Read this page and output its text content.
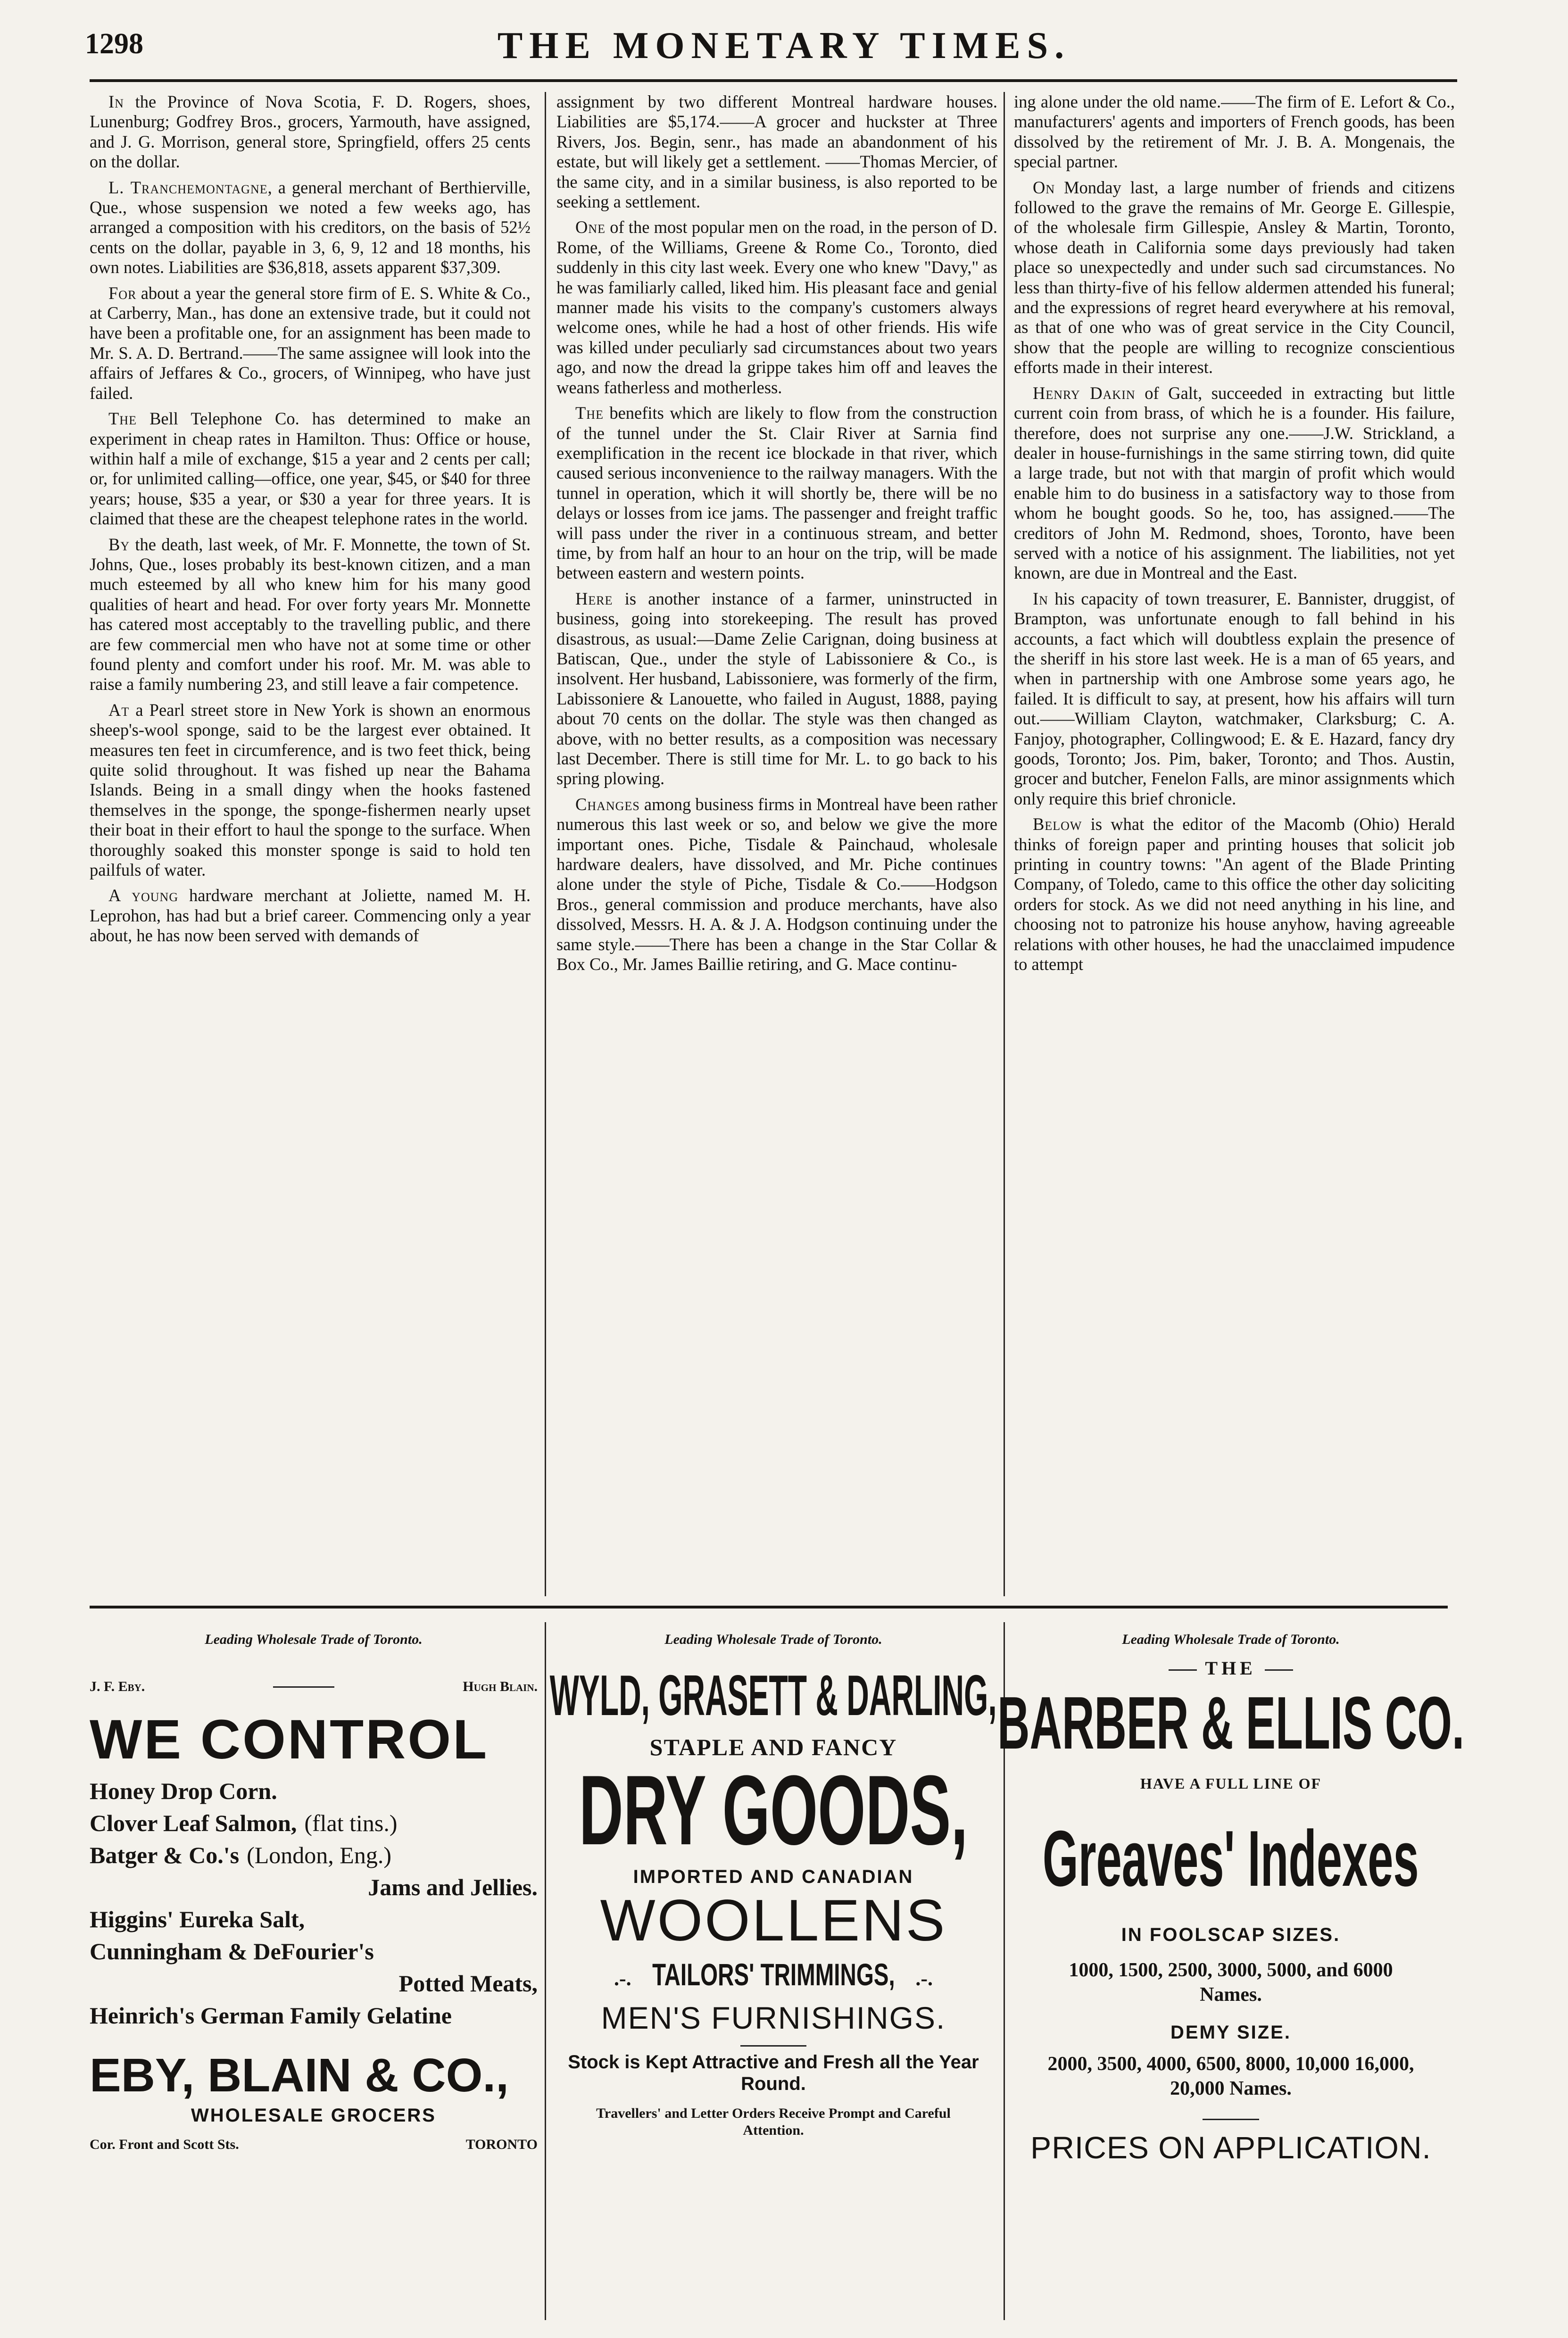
1298	THE MONETARY TIMES.

In the Province of Nova Scotia, F. D. Rogers, shoes, Lunenburg; Godfrey Bros., grocers, Yarmouth, have assigned, and J. G. Morrison, general store, Springfield, offers 25 cents on the dollar.

L. Tranchemontagne, a general merchant of Berthierville, Que., whose suspension we noted a few weeks ago, has arranged a composition with his creditors, on the basis of 52½ cents on the dollar, payable in 3, 6, 9, 12 and 18 months, his own notes. Liabilities are $36,818, assets apparent $37,309.

For about a year the general store firm of E. S. White & Co., at Carberry, Man., has done an extensive trade, but it could not have been a profitable one, for an assignment has been made to Mr. S. A. D. Bertrand.——The same assignee will look into the affairs of Jeffares & Co., grocers, of Winnipeg, who have just failed.

The Bell Telephone Co. has determined to make an experiment in cheap rates in Hamilton. Thus: Office or house, within half a mile of exchange, $15 a year and 2 cents per call; or, for unlimited calling—office, one year, $45, or $40 for three years; house, $35 a year, or $30 a year for three years. It is claimed that these are the cheapest telephone rates in the world.

By the death, last week, of Mr. F. Monnette, the town of St. Johns, Que., loses probably its best-known citizen, and a man much esteemed by all who knew him for his many good qualities of heart and head. For over forty years Mr. Monnette has catered most acceptably to the travelling public, and there are few commercial men who have not at some time or other found plenty and comfort under his roof. Mr. M. was able to raise a family numbering 23, and still leave a fair competence.

At a Pearl street store in New York is shown an enormous sheep's-wool sponge, said to be the largest ever obtained. It measures ten feet in circumference, and is two feet thick, being quite solid throughout. It was fished up near the Bahama Islands. Being in a small dingy when the hooks fastened themselves in the sponge, the sponge-fishermen nearly upset their boat in their effort to haul the sponge to the surface. When thoroughly soaked this monster sponge is said to hold ten pailfuls of water.

A young hardware merchant at Joliette, named M. H. Leprohon, has had but a brief career. Commencing only a year about, he has now been served with demands of

assignment by two different Montreal hardware houses. Liabilities are $5,174.——A grocer and huckster at Three Rivers, Jos. Begin, senr., has made an abandonment of his estate, but will likely get a settlement. ——Thomas Mercier, of the same city, and in a similar business, is also reported to be seeking a settlement.

One of the most popular men on the road, in the person of D. Rome, of the Williams, Greene & Rome Co., Toronto, died suddenly in this city last week. Every one who knew "Davy," as he was familiarly called, liked him. His pleasant face and genial manner made his visits to the company's customers always welcome ones, while he had a host of other friends. His wife was killed under peculiarly sad circumstances about two years ago, and now the dread la grippe takes him off and leaves the weans fatherless and motherless.

The benefits which are likely to flow from the construction of the tunnel under the St. Clair River at Sarnia find exemplification in the recent ice blockade in that river, which caused serious inconvenience to the railway managers. With the tunnel in operation, which it will shortly be, there will be no delays or losses from ice jams. The passenger and freight traffic will pass under the river in a continuous stream, and better time, by from half an hour to an hour on the trip, will be made between eastern and western points.

Here is another instance of a farmer, uninstructed in business, going into storekeeping. The result has proved disastrous, as usual:—Dame Zelie Carignan, doing business at Batiscan, Que., under the style of Labissoniere & Co., is insolvent. Her husband, Labissoniere, was formerly of the firm, Labissoniere & Lanouette, who failed in August, 1888, paying about 70 cents on the dollar. The style was then changed as above, with no better results, as a composition was necessary last December. There is still time for Mr. L. to go back to his spring plowing.

Changes among business firms in Montreal have been rather numerous this last week or so, and below we give the more important ones. Piche, Tisdale & Painchaud, wholesale hardware dealers, have dissolved, and Mr. Piche continues alone under the style of Piche, Tisdale & Co.——Hodgson Bros., general commission and produce merchants, have also dissolved, Messrs. H. A. & J. A. Hodgson continuing under the same style.——There has been a change in the Star Collar & Box Co., Mr. James Baillie retiring, and G. Mace continu-

ing alone under the old name.——The firm of E. Lefort & Co., manufacturers' agents and importers of French goods, has been dissolved by the retirement of Mr. J. B. A. Mongenais, the special partner.

On Monday last, a large number of friends and citizens followed to the grave the remains of Mr. George E. Gillespie, of the wholesale firm Gillespie, Ansley & Martin, Toronto, whose death in California some days previously had taken place so unexpectedly and under such sad circumstances. No less than thirty-five of his fellow aldermen attended his funeral; and the expressions of regret heard everywhere at his removal, as that of one who was of great service in the City Council, show that the people are willing to recognize conscientious efforts made in their interest.

Henry Dakin of Galt, succeeded in extracting but little current coin from brass, of which he is a founder. His failure, therefore, does not surprise any one.——J.W. Strickland, a dealer in house-furnishings in the same stirring town, did quite a large trade, but not with that margin of profit which would enable him to do business in a satisfactory way to those from whom he bought goods. So he, too, has assigned.——The creditors of John M. Redmond, shoes, Toronto, have been served with a notice of his assignment. The liabilities, not yet known, are due in Montreal and the East.

In his capacity of town treasurer, E. Bannister, druggist, of Brampton, was unfortunate enough to fall behind in his accounts, a fact which will doubtless explain the presence of the sheriff in his store last week. He is a man of 65 years, and when in partnership with one Ambrose some years ago, he failed. It is difficult to say, at present, how his affairs will turn out.——William Clayton, watchmaker, Clarksburg; C. A. Fanjoy, photographer, Collingwood; E. & E. Hazard, fancy dry goods, Toronto; Jos. Pim, baker, Toronto; and Thos. Austin, grocer and butcher, Fenelon Falls, are minor assignments which only require this brief chronicle.

Below is what the editor of the Macomb (Ohio) Herald thinks of foreign paper and printing houses that solicit job printing in country towns: "An agent of the Blade Printing Company, of Toledo, came to this office the other day soliciting orders for stock. As we did not need anything in his line, and choosing not to patronize his house anyhow, having agreeable relations with other houses, he had the unacclaimed impudence to attempt

Leading Wholesale Trade of Toronto.	Leading Wholesale Trade of Toronto.	Leading Wholesale Trade of Toronto.
J. F. Eby.	Hugh Blain.
WE CONTROL
Honey Drop Corn.
Clover Leaf Salmon, (flat tins.)
Batger & Co.'s (London, Eng.)
Jams and Jellies.
Higgins' Eureka Salt,
Cunningham & DeFourier's
Potted Meats,
Heinrich's German Family Gelatine
EBY, BLAIN & CO.,
WHOLESALE GROCERS
Cor. Front and Scott Sts.	TORONTO
WYLD, GRASETT & DARLING,
STAPLE AND FANCY
DRY GOODS,
IMPORTED AND CANADIAN
WOOLLENS
.-. TAILORS' TRIMMINGS, .-.
MEN'S FURNISHINGS.
Stock is Kept Attractive and Fresh all the Year Round.
Travellers' and Letter Orders Receive Prompt and Careful Attention.
THE
BARBER & ELLIS CO.
HAVE A FULL LINE OF
Greaves' Indexes
IN FOOLSCAP SIZES.
1000, 1500, 2500, 3000, 5000, and 6000 Names.
DEMY SIZE.
2000, 3500, 4000, 6500, 8000, 10,000 16,000, 20,000 Names.
PRICES ON APPLICATION.
